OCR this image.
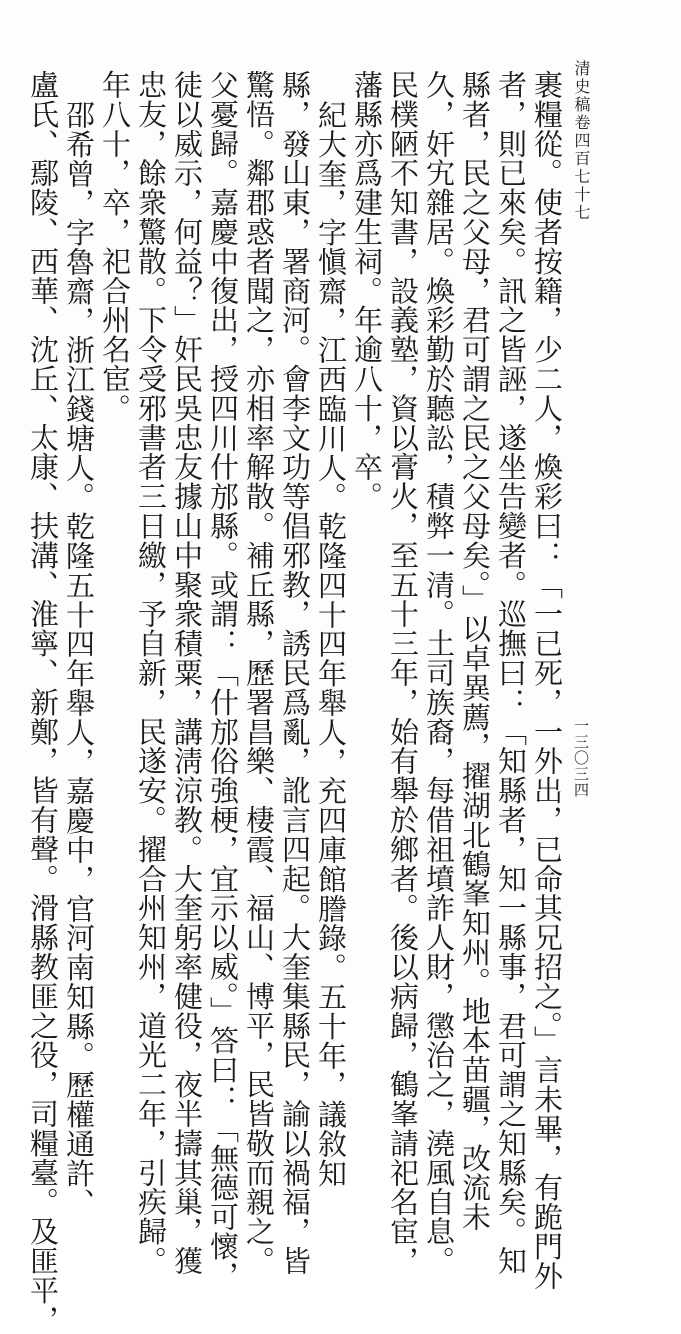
清史稿卷四百七十七
一三〇三四
裹糧從。使者按籍，少二人，煥彩曰：「一已死，一外出，已命其兄招之。」言未畢，有跪門外
者，則已來矣。訊之皆誣，遂坐告變者。巡撫曰：「知縣者，知一縣事，君可謂之知縣矣。知
縣者，民之父母，君可謂之民之父母矣。」以卓異薦，擢湖北鶴峯知州。地本苗疆，改流未
久，奸宄雜居。煥彩勤於聽訟，積弊一清。土司族裔，每借祖墳詐人財，懲治之，澆風自息。
民樸陋不知書，設義塾，資以膏火，至五十三年，始有舉於鄉者。後以病歸，鶴峯請祀名宦，
藩縣亦爲建生祠。年逾八十，卒。
紀大奎，字愼齋，江西臨川人。乾隆四十四年舉人，充四庫館謄錄。五十年，議敘知
縣，發山東，署商河。會李文功等倡邪教，誘民爲亂，訛言四起。大奎集縣民，諭以禍福，皆
驚悟。鄰郡惑者聞之，亦相率解散。補丘縣，歷署昌樂、棲霞、福山、博平，民皆敬而親之。
父憂歸。嘉慶中復出，授四川什邡縣。或謂：「什邡俗強梗，宜示以威。」答曰：「無德可懷，
徒以威示，何益？」奸民吳忠友據山中聚衆積粟，講淸涼教。大奎躬率健役，夜半擣其巢，獲
忠友，餘衆驚散。下令受邪書者三日繳，予自新，民遂安。擢合州知州，道光二年，引疾歸。
年八十，卒，祀合州名宦。
邵希曾，字魯齋，浙江錢塘人。乾隆五十四年舉人，嘉慶中，官河南知縣。歷權通許、
盧氏、鄢陵、西華、沈丘、太康、扶溝、淮寧、新鄭，皆有聲。滑縣教匪之役，司糧臺。及匪平，
